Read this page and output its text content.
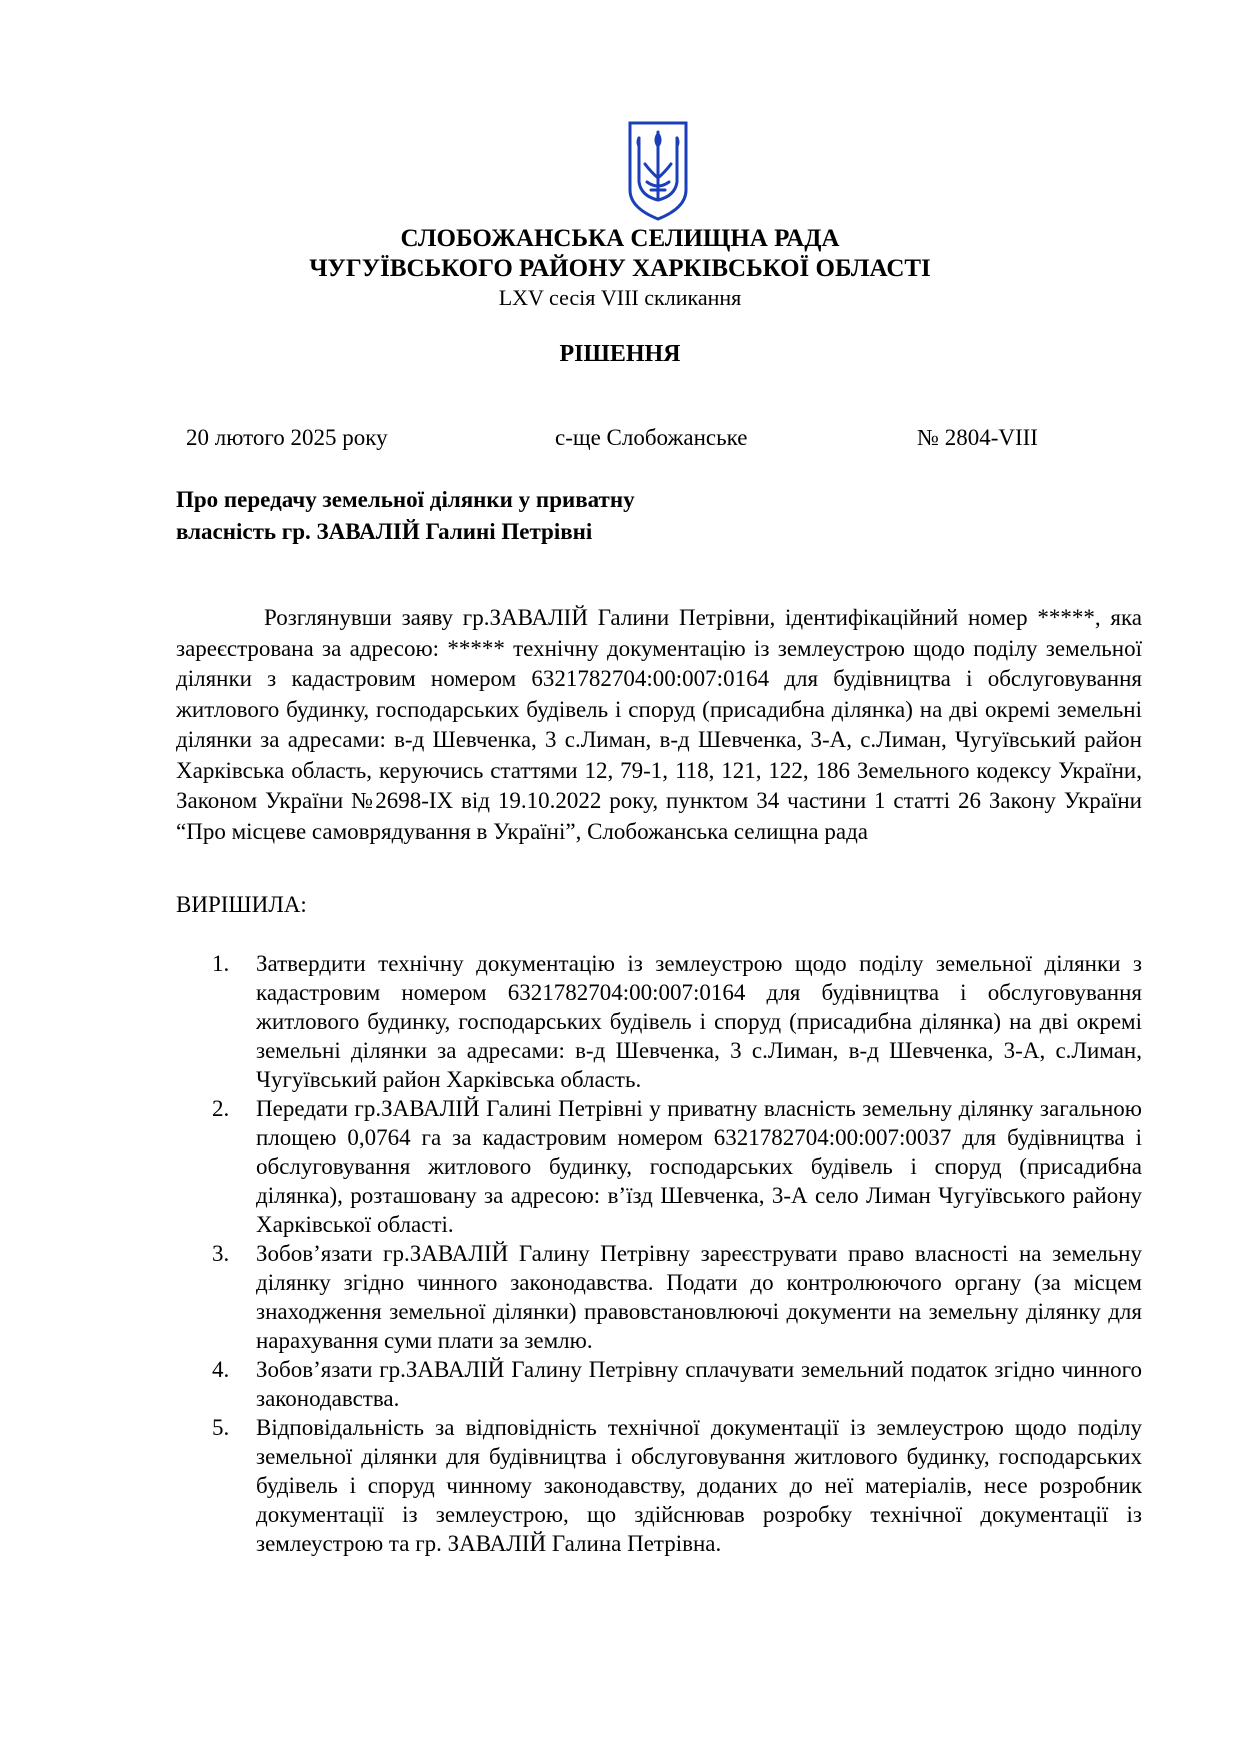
СЛОБОЖАНСЬКА СЕЛИЩНА РАДА
ЧУГУЇВСЬКОГО РАЙОНУ ХАРКІВСЬКОЇ ОБЛАСТІ
LXV сесія VIII скликання
РІШЕННЯ
20 лютого 2025 року	с-ще Слобожанське	№ 2804-VIII
Про передачу земельної ділянки у приватну
власність гр. ЗАВАЛІЙ Галині Петрівні

Розглянувши заяву гр.ЗАВАЛІЙ Галини Петрівни, ідентифікаційний номер *****, яка зареєстрована за адресою: ***** технічну документацію із землеустрою щодо поділу земельної ділянки з кадастровим номером 6321782704:00:007:0164 для будівництва і обслуговування житлового будинку, господарських будівель і споруд (присадибна ділянка) на дві окремі земельні ділянки за адресами: в-д Шевченка, 3 с.Лиман, в-д Шевченка, 3-А, с.Лиман, Чугуївський район Харківська область, керуючись статтями 12, 79-1, 118, 121, 122, 186 Земельного кодексу України, Законом України №2698-ІХ від 19.10.2022 року, пунктом 34 частини 1 статті 26 Закону України “Про місцеве самоврядування в Україні”, Слобожанська селищна рада

ВИРІШИЛА:
1. Затвердити технічну документацію із землеустрою щодо поділу земельної ділянки з кадастровим номером 6321782704:00:007:0164 для будівництва і обслуговування житлового будинку, господарських будівель і споруд (присадибна ділянка) на дві окремі земельні ділянки за адресами: в-д Шевченка, 3 с.Лиман, в-д Шевченка, 3-А, с.Лиман, Чугуївський район Харківська область.
2. Передати гр.ЗАВАЛІЙ Галині Петрівні у приватну власність земельну ділянку загальною площею 0,0764 га за кадастровим номером 6321782704:00:007:0037 для будівництва і обслуговування житлового будинку, господарських будівель і споруд (присадибна ділянка), розташовану за адресою: в’їзд Шевченка, 3-А село Лиман Чугуївського району Харківської області.
3. Зобов’язати гр.ЗАВАЛІЙ Галину Петрівну зареєструвати право власності на земельну ділянку згідно чинного законодавства. Подати до контролюючого органу (за місцем знаходження земельної ділянки) правовстановлюючі документи на земельну ділянку для нарахування суми плати за землю.
4. Зобов’язати гр.ЗАВАЛІЙ Галину Петрівну сплачувати земельний податок згідно чинного законодавства.
5. Відповідальність за відповідність технічної документації із землеустрою щодо поділу земельної ділянки для будівництва і обслуговування житлового будинку, господарських будівель і споруд чинному законодавству, доданих до неї матеріалів, несе розробник документації із землеустрою, що здійснював розробку технічної документації із землеустрою та гр. ЗАВАЛІЙ Галина Петрівна.
